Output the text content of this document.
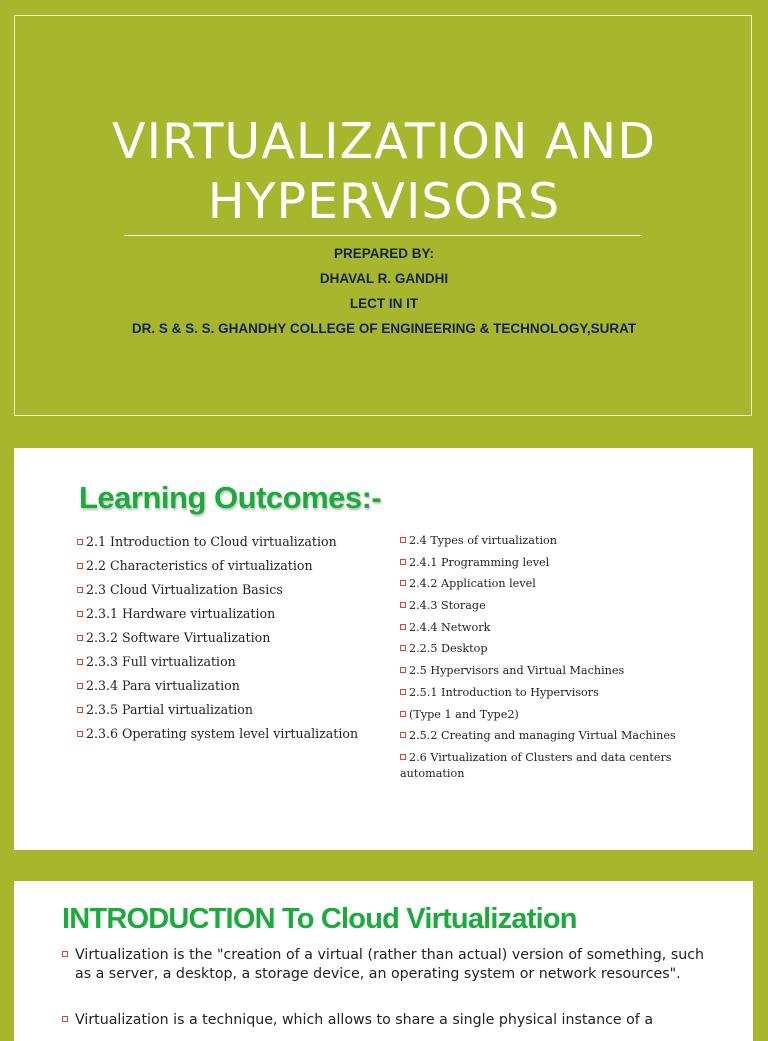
VIRTUALIZATION AND
HYPERVISORS
PREPARED BY:
DHAVAL R. GANDHI
LECT IN IT
DR. S & S. S. GHANDHY COLLEGE OF ENGINEERING & TECHNOLOGY,SURAT
Learning Outcomes:-
2.1 Introduction to Cloud virtualization
2.2 Characteristics of virtualization
2.3 Cloud Virtualization Basics
2.3.1 Hardware virtualization
2.3.2 Software Virtualization
2.3.3 Full virtualization
2.3.4 Para virtualization
2.3.5 Partial virtualization
2.3.6 Operating system level virtualization
2.4 Types of virtualization
2.4.1 Programming level
2.4.2 Application level
2.4.3 Storage
2.4.4 Network
2.2.5 Desktop
2.5 Hypervisors and Virtual Machines
2.5.1 Introduction to Hypervisors
(Type 1 and Type2)
2.5.2 Creating and managing Virtual Machines
2.6 Virtualization of Clusters and data centers automation
INTRODUCTION To Cloud Virtualization
Virtualization is the "creation of a virtual (rather than actual) version of something, such as a server, a desktop, a storage device, an operating system or network resources".
Virtualization is a technique, which allows to share a single physical instance of a
